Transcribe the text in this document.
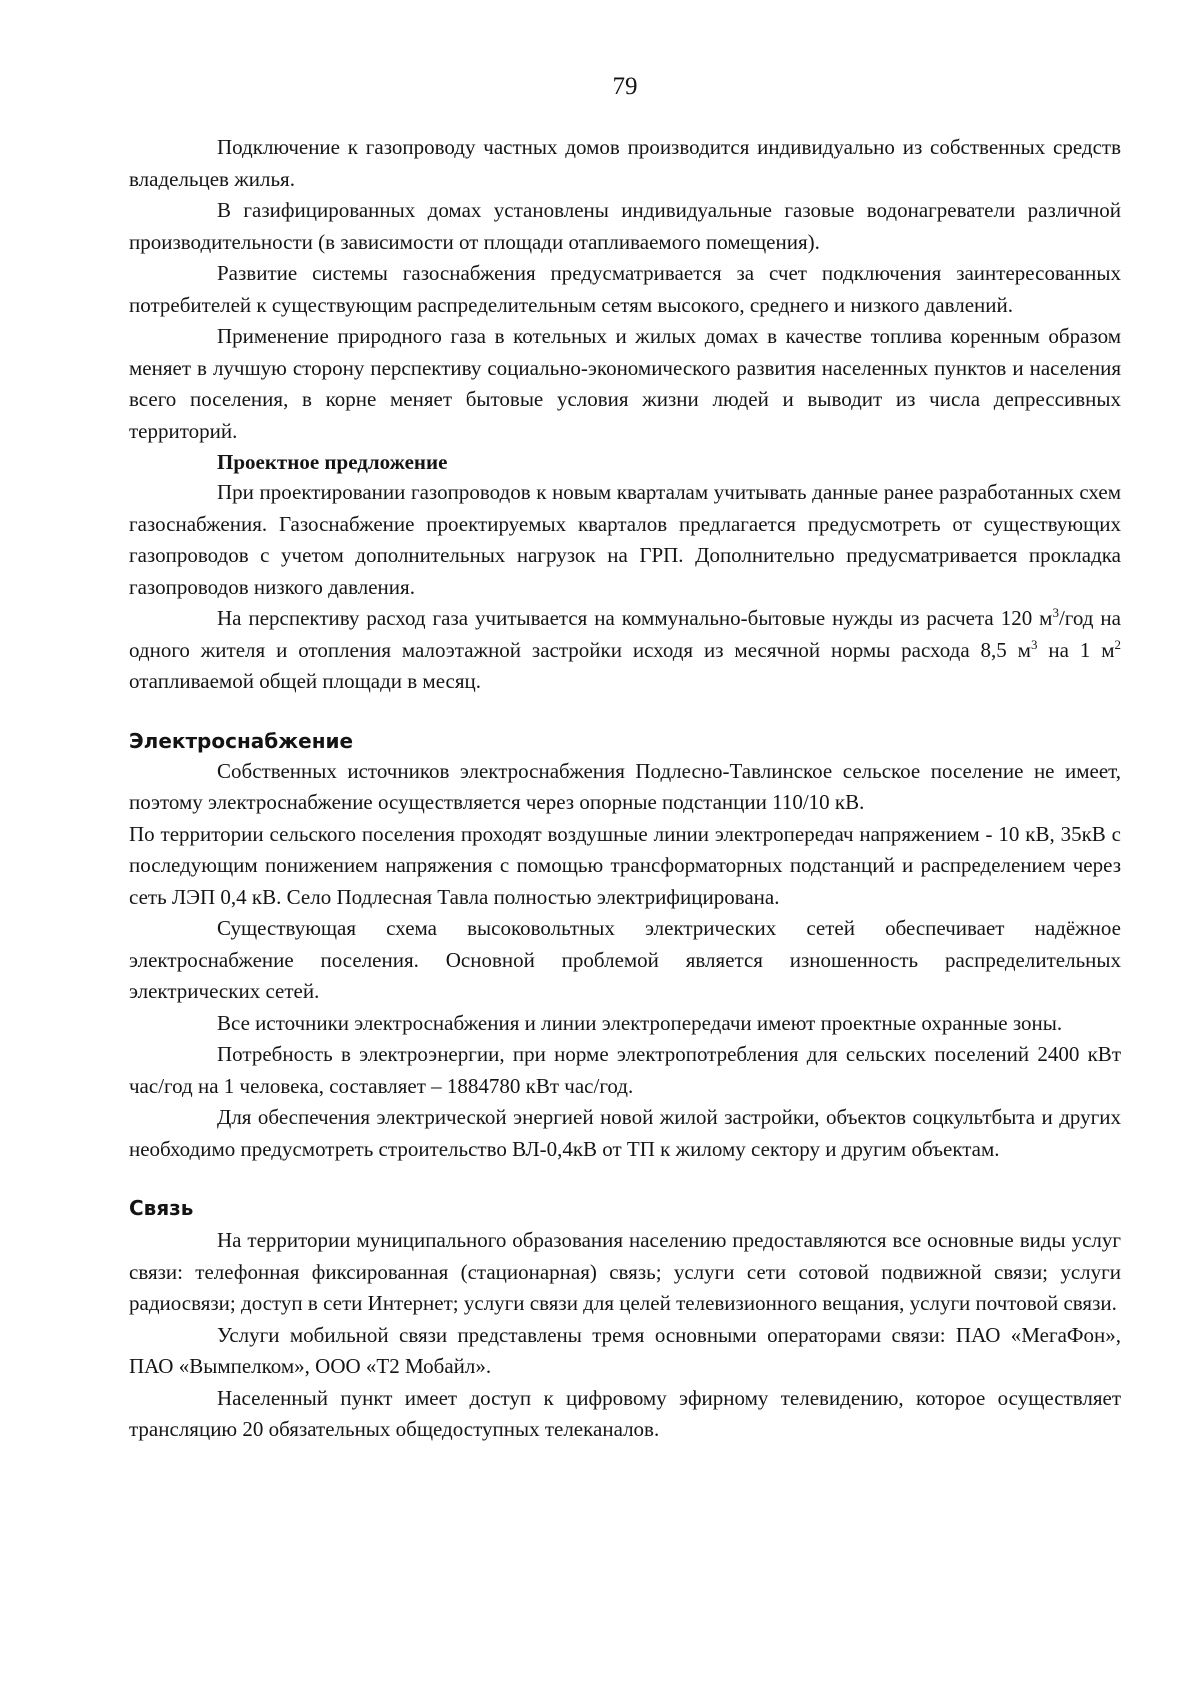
79

Подключение к газопроводу частных домов производится индивидуально из собственных средств владельцев жилья.

В газифицированных домах установлены индивидуальные газовые водонагреватели различной производительности (в зависимости от площади отапливаемого помещения).

Развитие системы газоснабжения предусматривается за счет подключения заинтересованных потребителей к существующим распределительным сетям высокого, среднего и низкого давлений.

Применение природного газа в котельных и жилых домах в качестве топлива коренным образом меняет в лучшую сторону перспективу социально-экономического развития населенных пунктов и населения всего поселения, в корне меняет бытовые условия жизни людей и выводит из числа депрессивных территорий.

Проектное предложение

При проектировании газопроводов к новым кварталам учитывать данные ранее разработанных схем газоснабжения. Газоснабжение проектируемых кварталов предлагается предусмотреть от существующих газопроводов с учетом дополнительных нагрузок на ГРП. Дополнительно предусматривается прокладка газопроводов низкого давления.

На перспективу расход газа учитывается на коммунально-бытовые нужды из расчета 120 $м^3$/год на одного жителя и отопления малоэтажной застройки исходя из месячной нормы расхода 8,5 $м^3$ на 1 $м^2$ отапливаемой общей площади в месяц.

Электроснабжение

Собственных источников электроснабжения Подлесно-Тавлинское сельское поселение не имеет, поэтому электроснабжение осуществляется через опорные подстанции 110/10 кВ.

По территории сельского поселения проходят воздушные линии электропередач напряжением - 10 кВ, 35кВ с последующим понижением напряжения с помощью трансформаторных подстанций и распределением через сеть ЛЭП 0,4 кВ. Село Подлесная Тавла полностью электрифицирована.

Существующая схема высоковольтных электрических сетей обеспечивает надёжное электроснабжение поселения. Основной проблемой является изношенность распределительных электрических сетей.

Все источники электроснабжения и линии электропередачи имеют проектные охранные зоны.

Потребность в электроэнергии, при норме электропотребления для сельских поселений 2400 кВт час/год на 1 человека, составляет – 1884780 кВт час/год.

Для обеспечения электрической энергией новой жилой застройки, объектов соцкультбыта и других необходимо предусмотреть строительство ВЛ-0,4кВ от ТП к жилому сектору и другим объектам.

Связь

На территории муниципального образования населению предоставляются все основные виды услуг связи: телефонная фиксированная (стационарная) связь; услуги сети сотовой подвижной связи; услуги радиосвязи; доступ в сети Интернет; услуги связи для целей телевизионного вещания, услуги почтовой связи.

Услуги мобильной связи представлены тремя основными операторами связи: ПАО «МегаФон», ПАО «Вымпелком», ООО «Т2 Мобайл».

Населенный пункт имеет доступ к цифровому эфирному телевидению, которое осуществляет трансляцию 20 обязательных общедоступных телеканалов.
